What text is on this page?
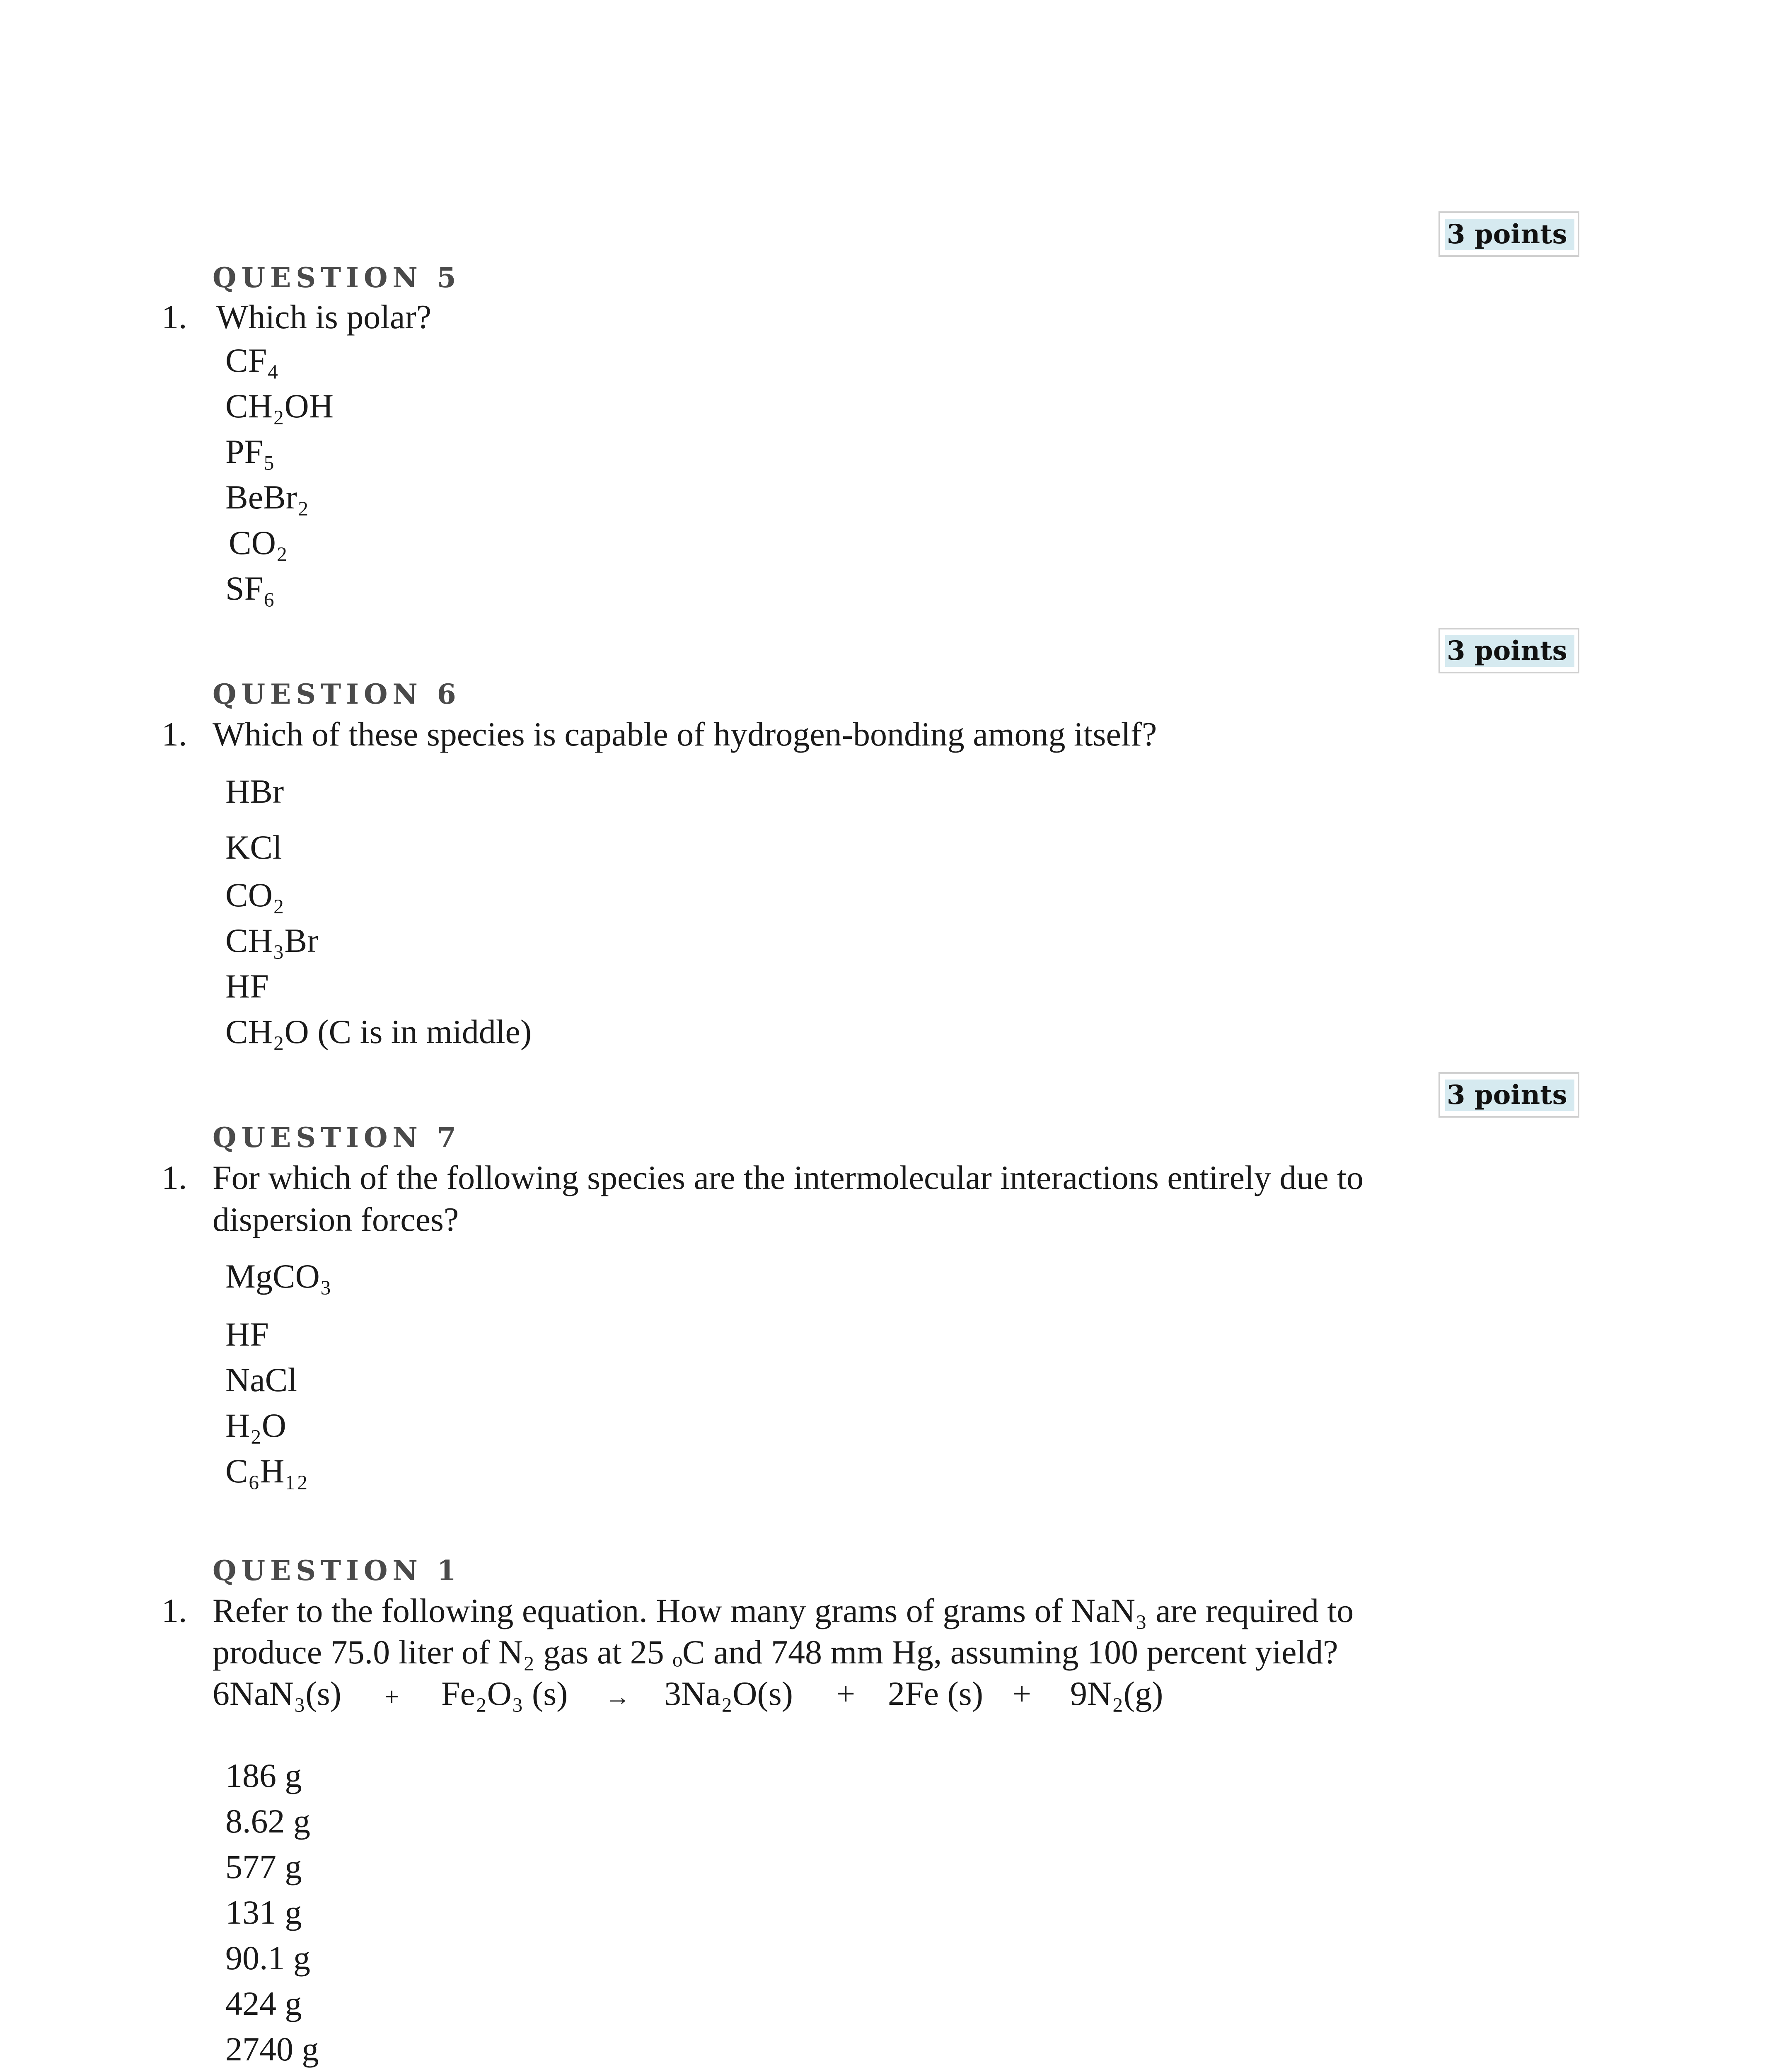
3 points
QUESTION 5
1. Which is polar?
CF₄
CH₂OH
PF₅
BeBr₂
CO₂
SF₆
3 points
QUESTION 6
1. Which of these species is capable of hydrogen-bonding among itself?
HBr
KCl
CO₂
CH₃Br
HF
CH₂O (C is in middle)
3 points
QUESTION 7
1. For which of the following species are the intermolecular interactions entirely due to
dispersion forces?
MgCO₃
HF
NaCl
H₂O
C₆H₁₂
QUESTION 1
1. Refer to the following equation. How many grams of grams of NaN₃ are required to
produce 75.0 liter of N₂ gas at 25 ₒC and 748 mm Hg, assuming 100 percent yield?
6NaN₃(s) + Fe₂O₃ (s) → 3Na₂O(s) + 2Fe (s) + 9N₂(g)
186 g
8.62 g
577 g
131 g
90.1 g
424 g
2740 g
